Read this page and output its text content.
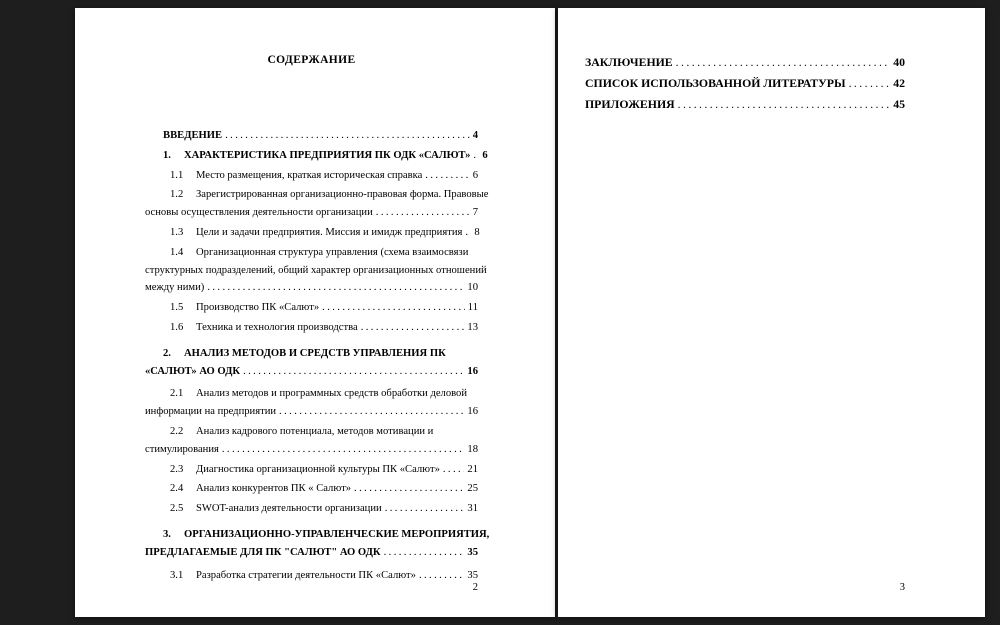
СОДЕРЖАНИЕ
ВВЕДЕНИЕ .....	4
1.	ХАРАКТЕРИСТИКА ПРЕДПРИЯТИЯ ПК ОДК «САЛЮТ» ..... 6
1.1	Место размещения, краткая историческая справка .....	6
1.2	Зарегистрированная организационно-правовая форма. Правовые
основы осуществления деятельности организации .....	7
1.3	Цели и задачи предприятия. Миссия и имидж предприятия ..... 8
1.4	Организационная структура управления (схема взаимосвязи
структурных подразделений, общий характер организационных отношений
между ними) .....	10
1.5	Производство ПК «Салют» .....	11
1.6	Техника и технология производства .....	13
2.	АНАЛИЗ МЕТОДОВ И СРЕДСТВ УПРАВЛЕНИЯ ПК
«САЛЮТ» АО ОДК .....	16
2.1	Анализ методов и программных средств обработки деловой
информации на предприятии .....	16
2.2	Анализ кадрового потенциала, методов мотивации и
стимулирования .....	18
2.3	Диагностика организационной культуры ПК «Салют» .....	21
2.4	Анализ конкурентов ПК « Салют» .....	25
2.5	SWOT-анализ деятельности организации .....	31
3.	ОРГАНИЗАЦИОННО-УПРАВЛЕНЧЕСКИЕ МЕРОПРИЯТИЯ,
ПРЕДЛАГАЕМЫЕ ДЛЯ ПК "САЛЮТ" АО ОДК .....	35
3.1	Разработка стратегии деятельности ПК «Салют» .....	35
2
ЗАКЛЮЧЕНИЕ .....	40
СПИСОК ИСПОЛЬЗОВАННОЙ ЛИТЕРАТУРЫ .....	42
ПРИЛОЖЕНИЯ .....	45
3
